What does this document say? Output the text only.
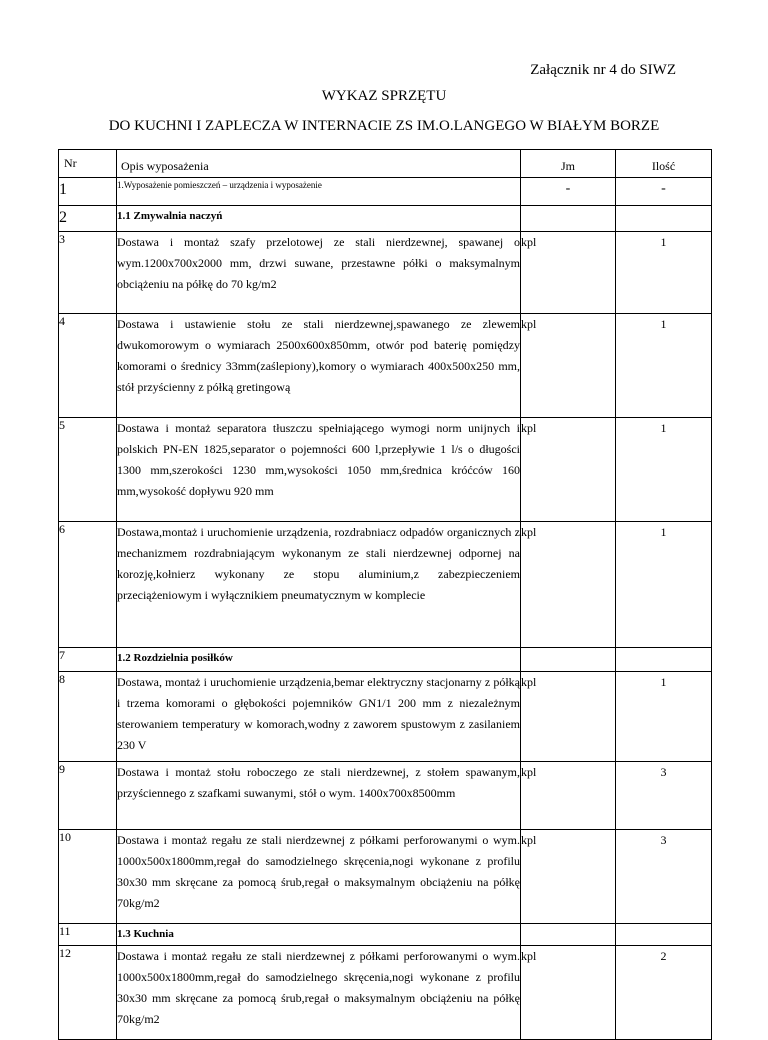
Załącznik nr 4 do SIWZ
WYKAZ SPRZĘTU
DO KUCHNI I ZAPLECZA W INTERNACIE ZS IM.O.LANGEGO W BIAŁYM BORZE
Nr	Opis wyposażenia	Jm	Ilość
1	1.Wyposażenie pomieszczeń – urządzenia i wyposażenie	-	-
2	1.1 Zmywalnia naczyń		
3	Dostawa i montaż szafy przelotowej ze stali nierdzewnej, spawanej o wym.1200x700x2000 mm, drzwi suwane, przestawne półki o maksymalnym obciążeniu na półkę do 70 kg/m2	kpl	1
4	Dostawa i ustawienie stołu ze stali nierdzewnej,spawanego ze zlewem dwukomorowym o wymiarach 2500x600x850mm, otwór pod baterię pomiędzy komorami o średnicy 33mm(zaślepiony),komory o wymiarach 400x500x250 mm, stół przyścienny z półką gretingową	kpl	1
5	Dostawa i montaż separatora tłuszczu spełniającego wymogi norm unijnych i polskich PN-EN 1825,separator o pojemności 600 l,przepływie 1 l/s o długości 1300 mm,szerokości 1230 mm,wysokości 1050 mm,średnica króćców 160 mm,wysokość dopływu 920 mm	kpl	1
6	Dostawa,montaż i uruchomienie urządzenia, rozdrabniacz odpadów organicznych z mechanizmem rozdrabniającym wykonanym ze stali nierdzewnej odpornej na korozję,kołnierz wykonany ze stopu aluminium,z zabezpieczeniem przeciążeniowym i wyłącznikiem pneumatycznym w komplecie	kpl	1
7	1.2 Rozdzielnia posiłków		
8	Dostawa, montaż i uruchomienie urządzenia,bemar elektryczny stacjonarny z półką i trzema komorami o głębokości pojemników GN1/1 200 mm z niezależnym sterowaniem temperatury w komorach,wodny z zaworem spustowym z zasilaniem 230 V	kpl	1
9	Dostawa i montaż stołu roboczego ze stali nierdzewnej, z stołem spawanym, przyściennego z szafkami suwanymi, stół o wym. 1400x700x8500mm	kpl	3
10	Dostawa i montaż regału ze stali nierdzewnej z półkami perforowanymi o wym. 1000x500x1800mm,regał do samodzielnego skręcenia,nogi wykonane z profilu 30x30 mm skręcane za pomocą śrub,regał o maksymalnym obciążeniu na półkę 70kg/m2	kpl	3
11	1.3 Kuchnia		
12	Dostawa i montaż regału ze stali nierdzewnej z półkami perforowanymi o wym. 1000x500x1800mm,regał do samodzielnego skręcenia,nogi wykonane z profilu 30x30 mm skręcane za pomocą śrub,regał o maksymalnym obciążeniu na półkę 70kg/m2	kpl	2
